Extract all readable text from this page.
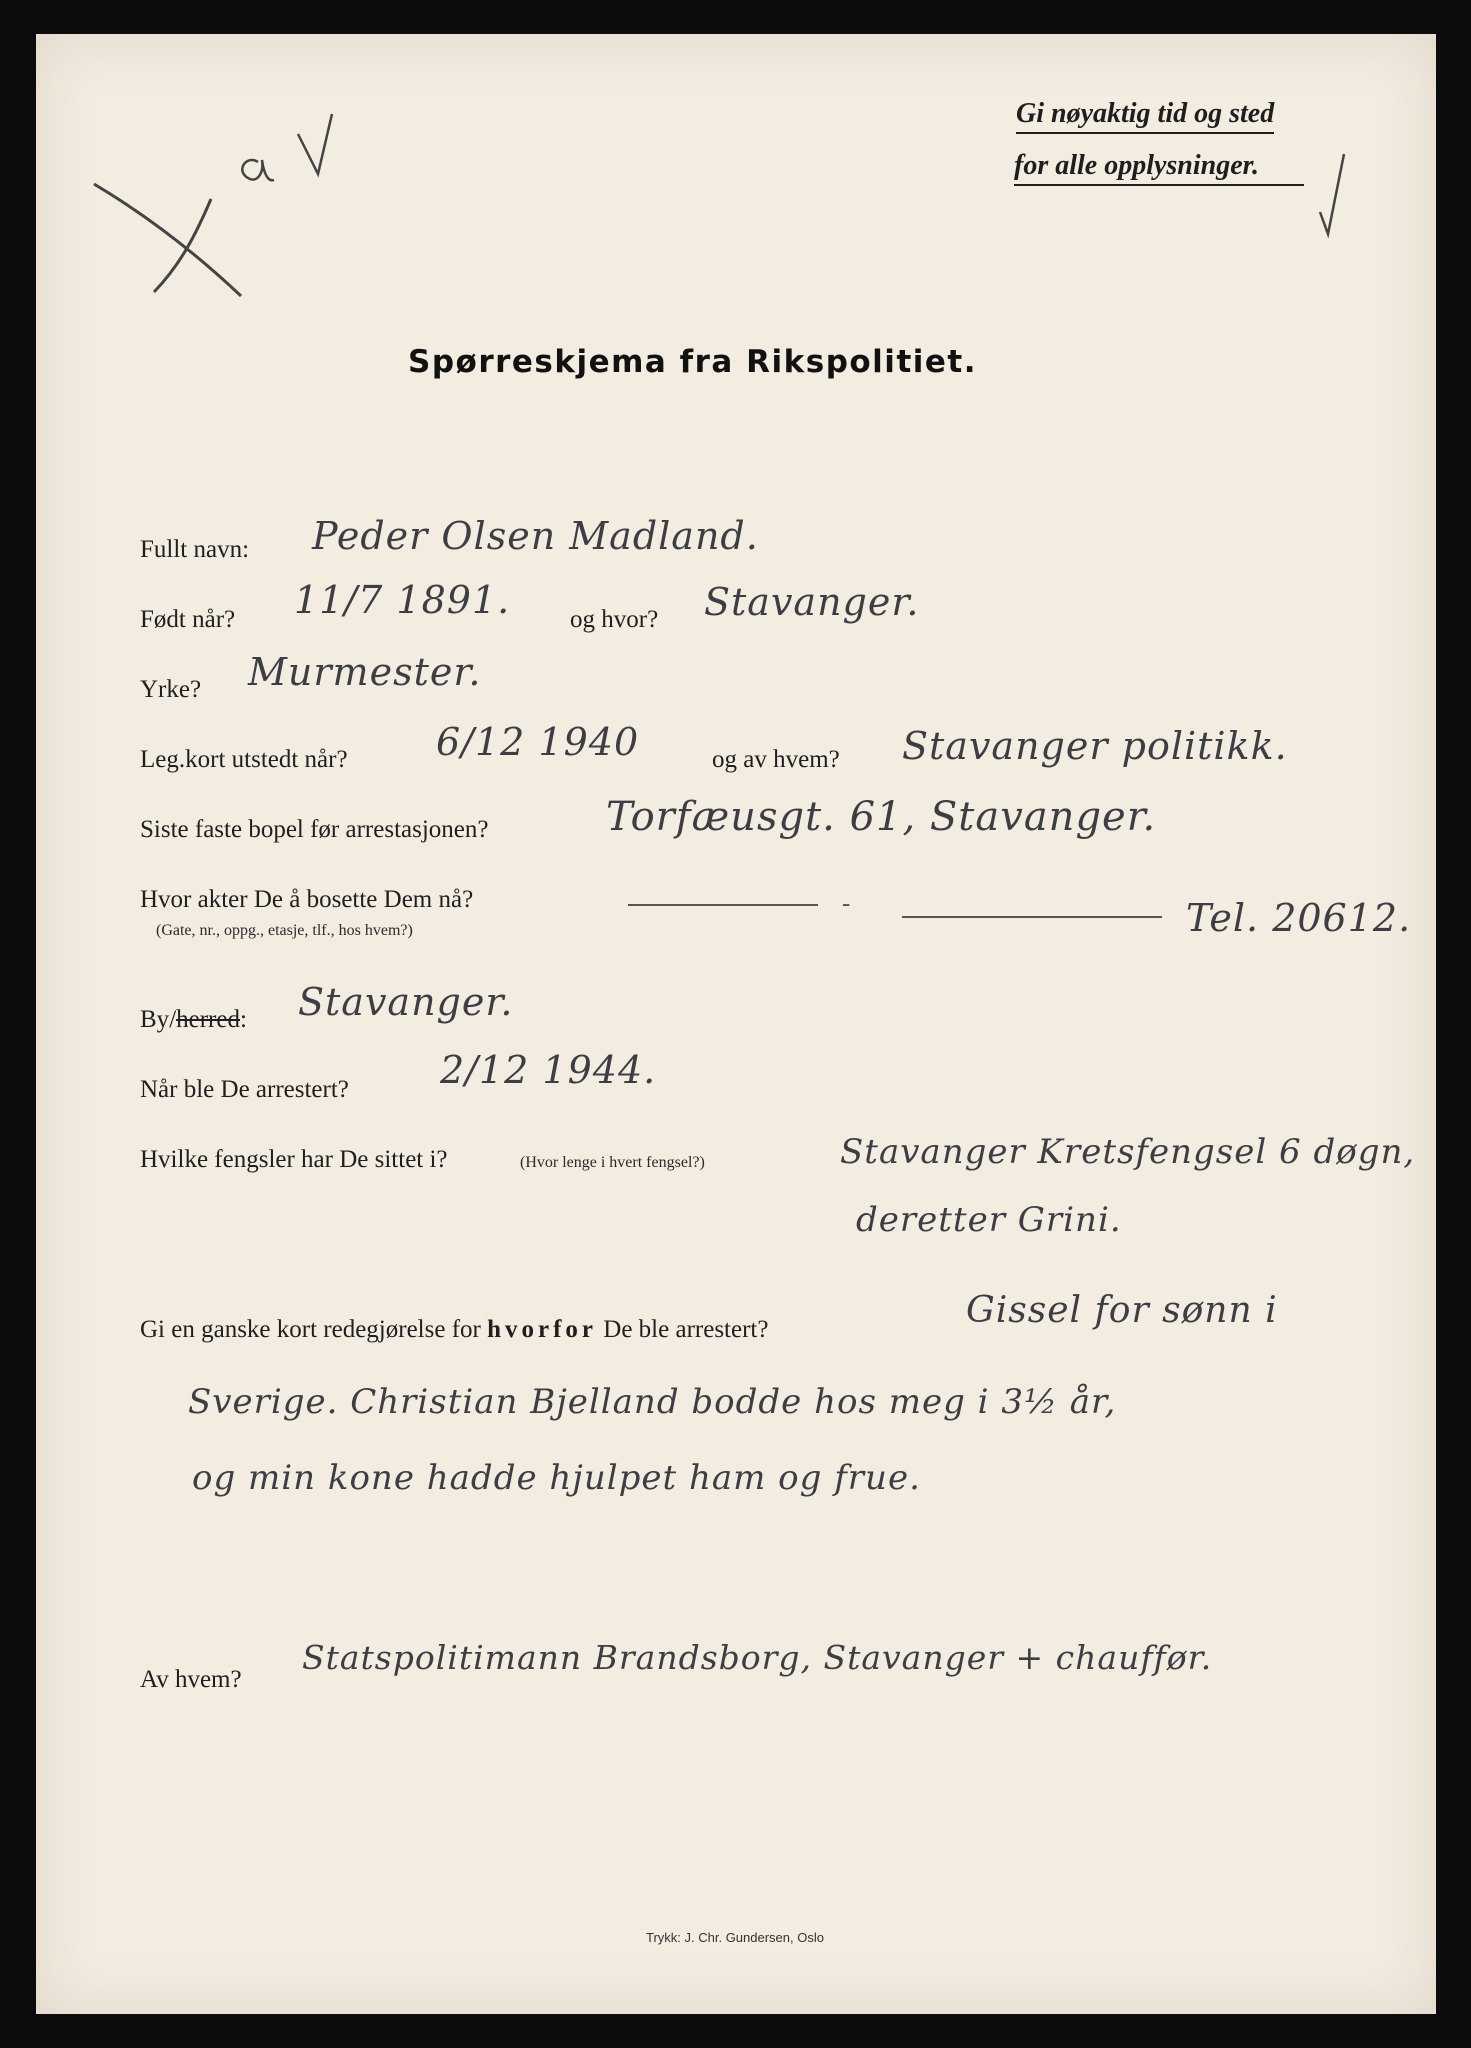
Gi nøyaktig tid og sted
for alle opplysninger.
Spørreskjema fra Rikspolitiet.
Fullt navn: Peder Olsen Madland.
Født når? 11/7 1891. og hvor? Stavanger.
Yrke? Murmester.
Leg.kort utstedt når? 6/12 1940	og av hvem? Stavanger politikk.
Siste faste bopel før arrestasjonen?	Torfæusgt. 61, Stavanger.
Hvor akter De å bosette Dem nå?
(Gate, nr., oppg., etasje, tlf., hos hvem?)
-	Tel. 20612.
By/herred: Stavanger.
Når ble De arrestert? 2/12 1944.
Hvilke fengsler har De sittet i?	(Hvor lenge i hvert fengsel?)	Stavanger Kretsfengsel 6 døgn,
deretter Grini.
Gi en ganske kort redegjørelse for hvorfor De ble arrestert?	Gissel for sønn i
Sverige. Christian Bjelland bodde hos meg i 3½ år,
og min kone hadde hjulpet ham og frue.
Av hvem?
Statspolitimann Brandsborg, Stavanger + chauffør.
Trykk: J. Chr. Gundersen, Oslo
